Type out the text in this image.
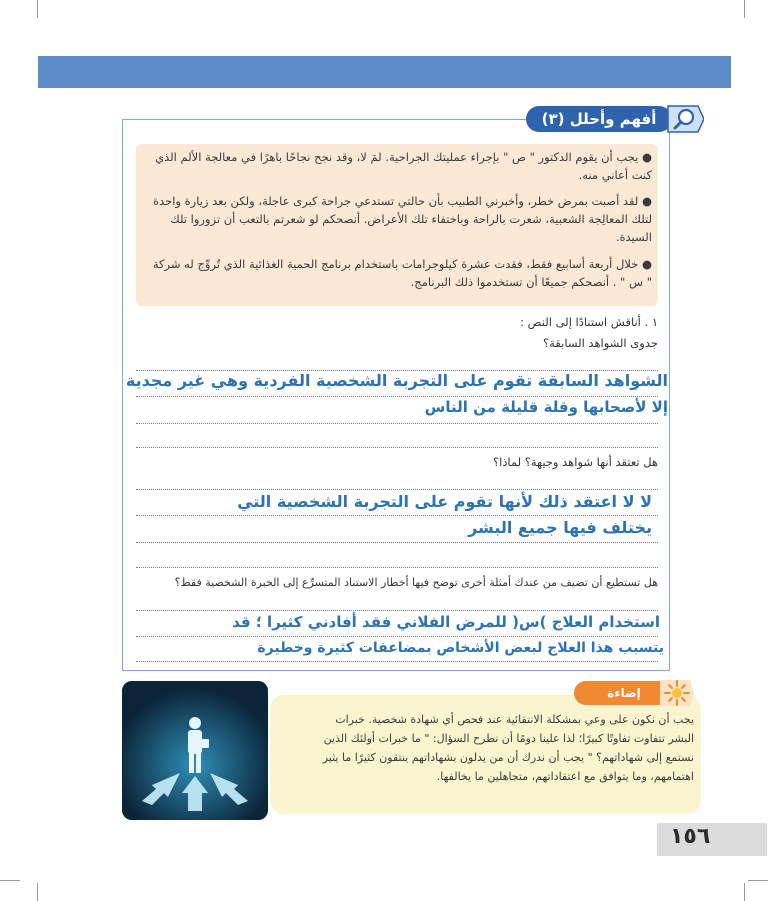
أفهم وأحلل (٣)
● يجب أن يقوم الدكتور " ص " بإجراء عمليتك الجراحية. لمَ لا، وقد نجح نجاحًا باهرًا في معالجة الألم الذي كنت أعاني منه.
● لقد أصبت بمرض خطر، وأخبرني الطبيب بأن حالتي تستدعي جراحة كبرى عاجلة، ولكن بعد زيارة واحدة لتلك المعالِجة الشعبية، شعرت بالراحة وباختفاء تلك الأعراض. أنصحكم لو شعرتم بالتعب أن تزوروا تلك السيدة.
● خلال أربعة أسابيع فقط، فقدت عشرة كيلوجرامات باستخدام برنامج الحمية الغذائية الذي تُروِّج له شركة " س " . أنصحكم جميعًا أن تستخدموا ذلك البرنامج.
١ . أناقش استنادًا إلى النص :
جدوى الشواهد السابقة؟
الشواهد السابقة تقوم على التجربة الشخصية الفردية وهي غير مجدية
إلا لأصحابها وقلة قليلة من الناس
هل تعتقد أنها شواهد وجيهة؟ لماذا؟
لا لا اعتقد ذلك لأنها تقوم على التجربة الشخصية التي
يختلف فيها جميع البشر
هل تستطيع أن تضيف من عندك أمثلة أخرى توضح فيها أخطار الاستناد المتسرِّع إلى الخبرة الشخصية فقط؟
استخدام العلاج )س( للمرض الفلاني فقد أفادني كثيرا ؛ قد
يتسبب هذا العلاج لبعض الأشخاص بمضاعفات كثيرة وخطيرة
إضاءة
يجب أن نكون على وعي بمشكلة الانتقائية عند فحص أي شهادة شخصية. خبرات
البشر تتفاوت تفاوتًا كبيرًا؛ لذا علينا دومًا أن نطرح السؤال: " ما خبرات أولئك الذين
نستمع إلى شهاداتهم؟ " يجب أن ندرك أن من يدلون بشهاداتهم ينتقون كثيرًا ما يثير
اهتمامهم، وما يتوافق مع اعتقاداتهم، متجاهلين ما يخالفها.
١٥٦
